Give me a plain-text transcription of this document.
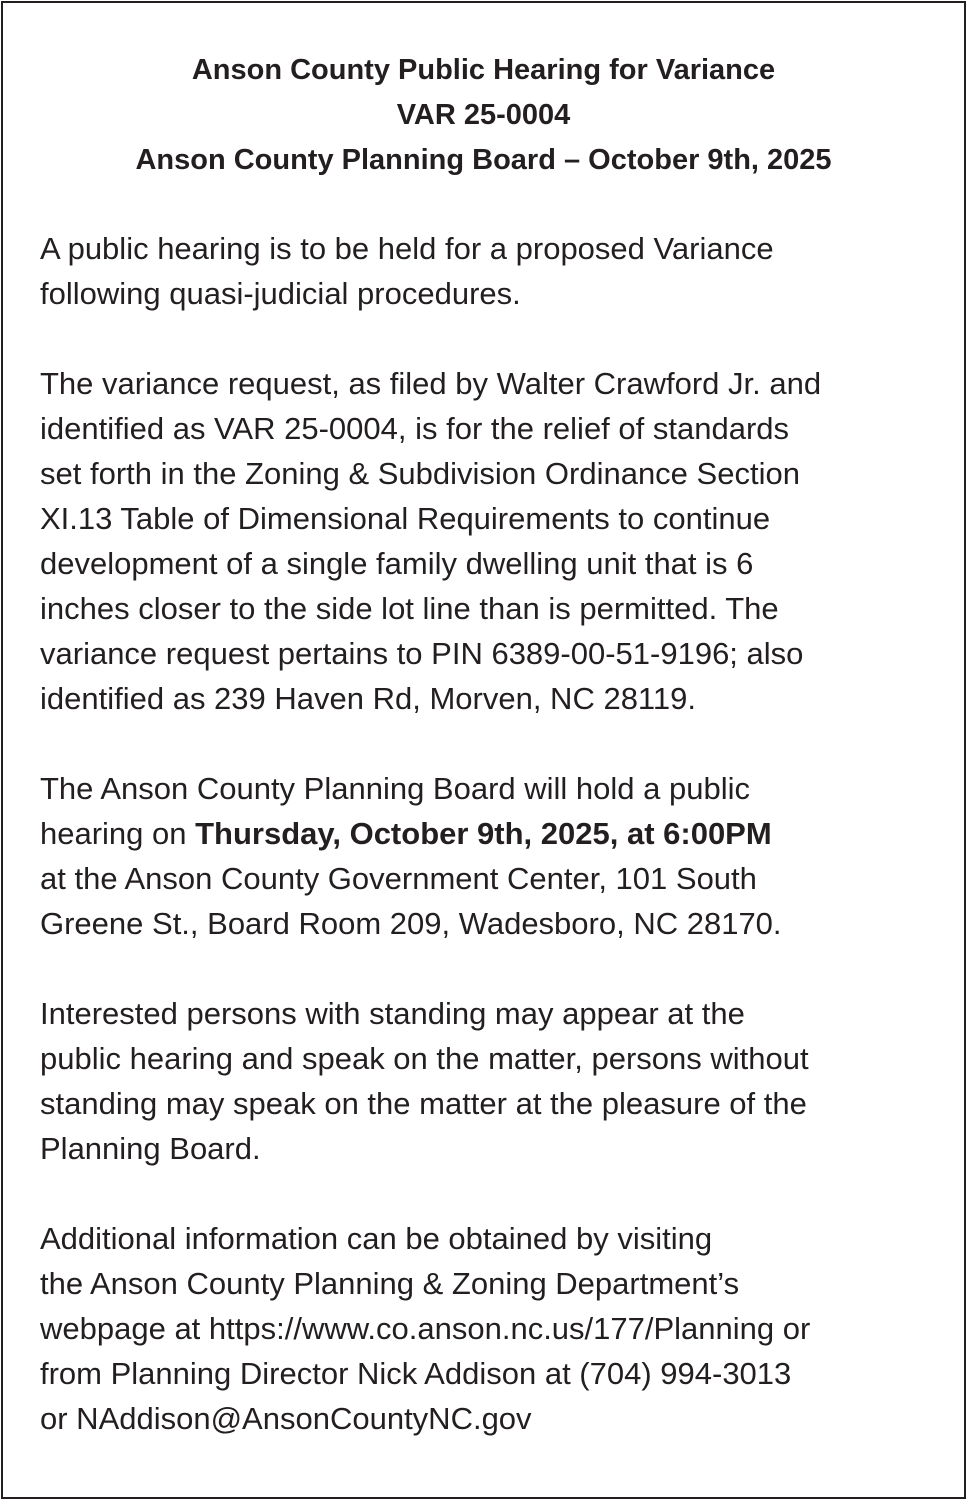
Anson County Public Hearing for Variance
VAR 25-0004
Anson County Planning Board – October 9th, 2025
A public hearing is to be held for a proposed Variance
following quasi-judicial procedures.
The variance request, as filed by Walter Crawford Jr. and
identified as VAR 25-0004, is for the relief of standards
set forth in the Zoning & Subdivision Ordinance Section
XI.13 Table of Dimensional Requirements to continue
development of a single family dwelling unit that is 6
inches closer to the side lot line than is permitted. The
variance request pertains to PIN 6389-00-51-9196; also
identified as 239 Haven Rd, Morven, NC 28119.
The Anson County Planning Board will hold a public
hearing on Thursday, October 9th, 2025, at 6:00PM
at the Anson County Government Center, 101 South
Greene St., Board Room 209, Wadesboro, NC 28170.
Interested persons with standing may appear at the
public hearing and speak on the matter, persons without
standing may speak on the matter at the pleasure of the
Planning Board.
Additional information can be obtained by visiting
the Anson County Planning & Zoning Department’s
webpage at https://www.co.anson.nc.us/177/Planning or
from Planning Director Nick Addison at (704) 994-3013
or NAddison@AnsonCountyNC.gov
